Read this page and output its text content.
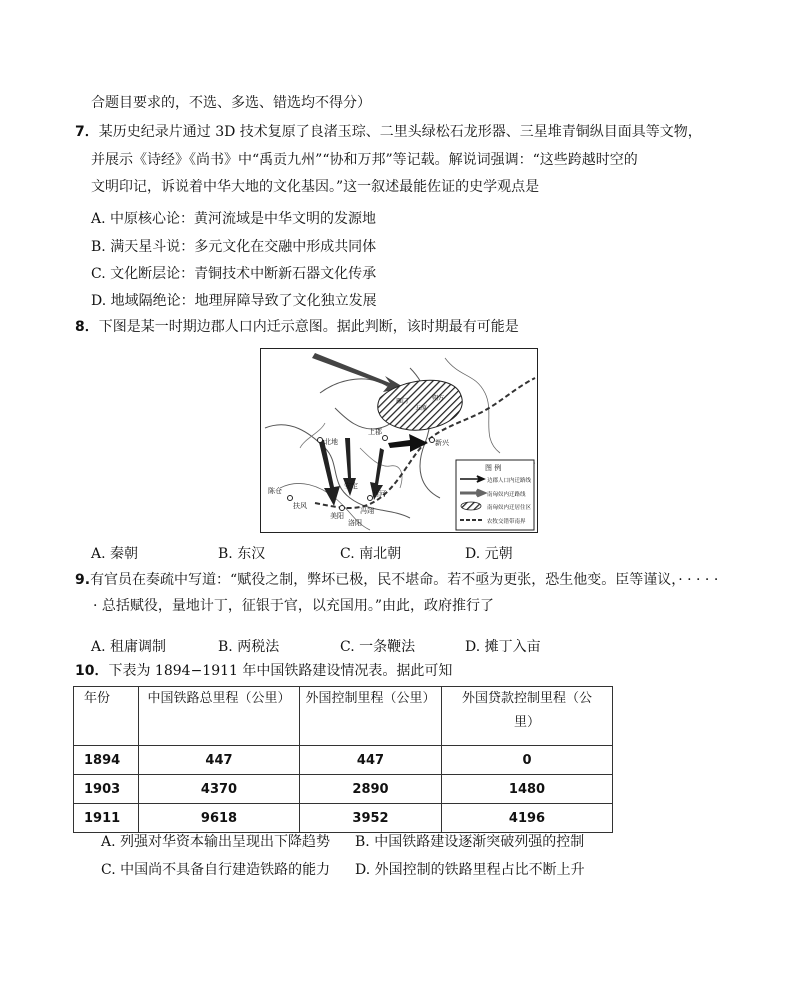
合题目要求的，不选、多选、错选均不得分）
7．某历史纪录片通过 3D 技术复原了良渚玉琮、二里头绿松石龙形器、三星堆青铜纵目面具等文物，
并展示《诗经》《尚书》中“禹贡九州”“协和万邦”等记载。解说词强调：“这些跨越时空的
文明印记，诉说着中华大地的文化基因。”这一叙述最能佐证的史学观点是
A. 中原核心论：黄河流域是中华文明的发源地
B. 满天星斗说：多元文化在交融中形成共同体
C. 文化断层论：青铜技术中断新石器文化传承
D. 地域隔绝论：地理屏障导致了文化独立发展
8．下图是某一时期边郡人口内迁示意图。据此判断，该时期最有可能是
雁门
五原
朔方
上郡
北地
安定
新兴
西河
扶风
冯翊
洛阳
美阳
陈仓
图 例
边郡人口内迁路线
南匈奴内迁路线
南匈奴内迁居住区
农牧交错带南界
A. 秦朝	B. 东汉	C. 南北朝	D. 元朝
9.有官员在奏疏中写道：“赋役之制，弊坏已极，民不堪命。若不亟为更张，恐生他变。臣等谨议，· · · · ·
· 总括赋役，量地计丁，征银于官，以充国用。”由此，政府推行了
A. 租庸调制	B. 两税法	C. 一条鞭法	D. 摊丁入亩
10．下表为 1894−1911 年中国铁路建设情况表。据此可知
年份	中国铁路总里程（公里）	外国控制里程（公里）	外国贷款控制里程（公
里）

1894	447	447	0
1903	4370	2890	1480
1911	9618	3952	4196
A. 列强对华资本输出呈现出下降趋势 B. 中国铁路建设逐渐突破列强的控制
C. 中国尚不具备自行建造铁路的能力 D. 外国控制的铁路里程占比不断上升
